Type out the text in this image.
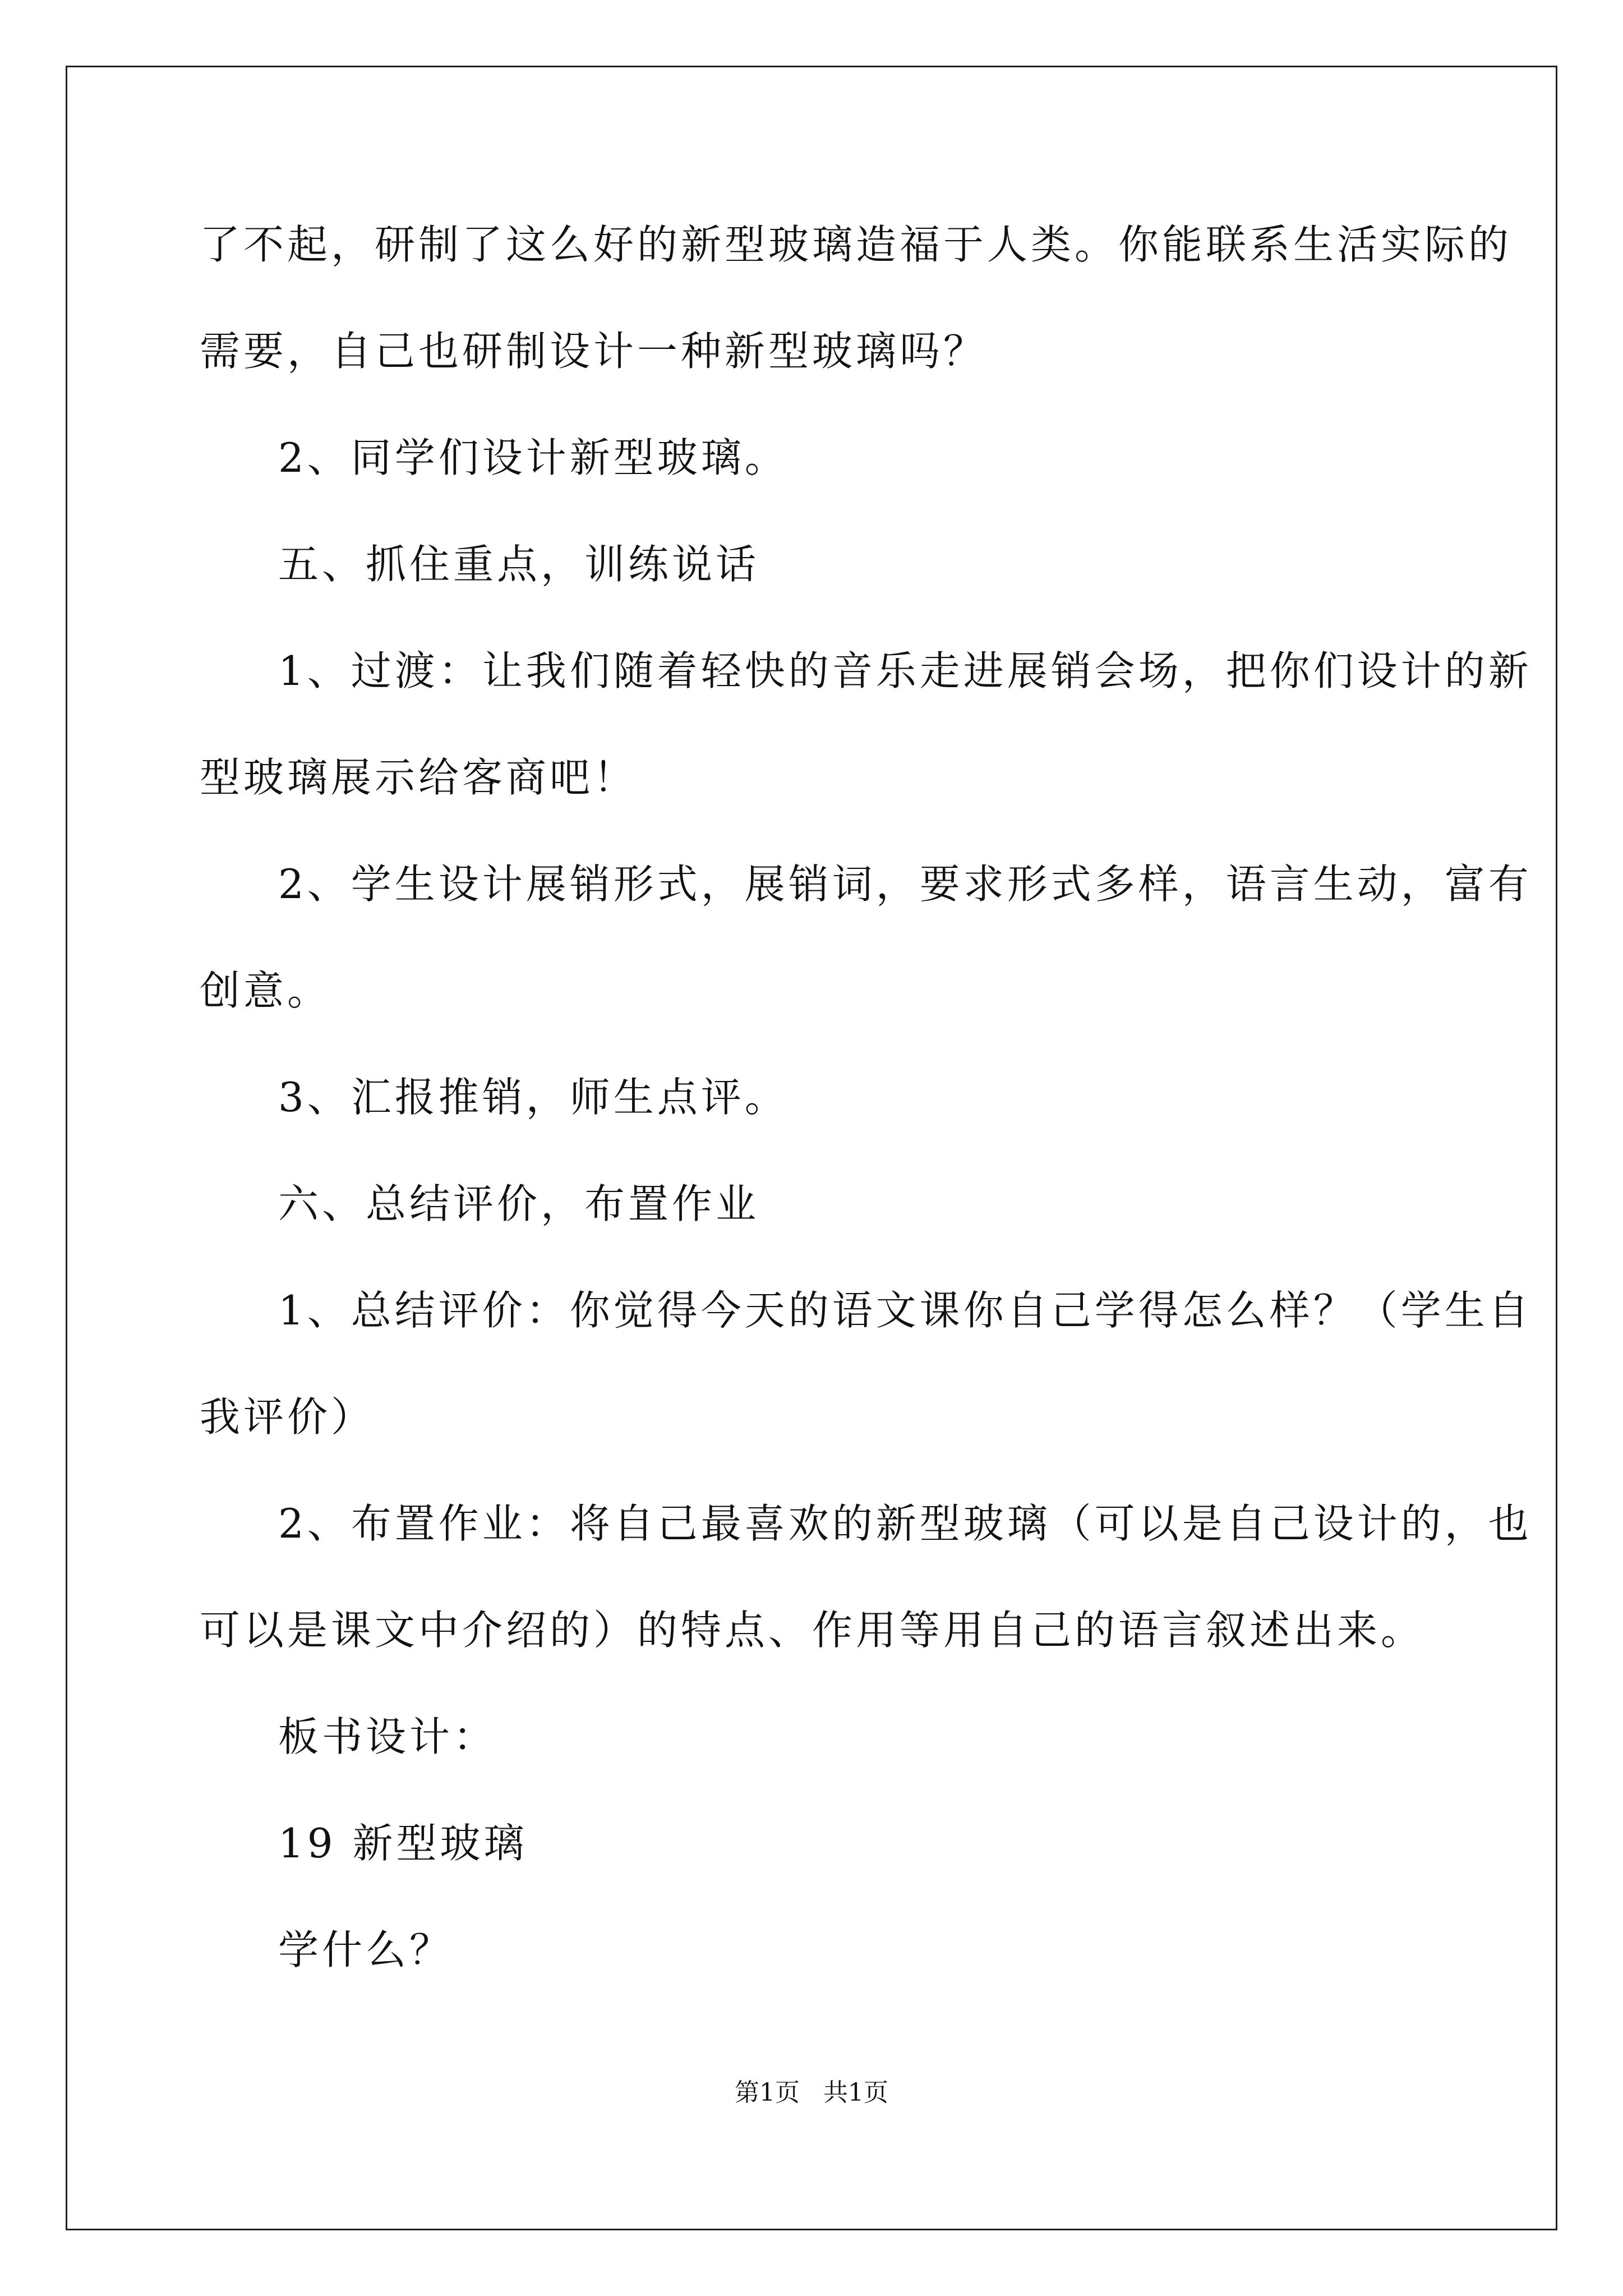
了不起，研制了这么好的新型玻璃造福于人类。你能联系生活实际的
需要，自己也研制设计一种新型玻璃吗？
2、同学们设计新型玻璃。
五、抓住重点，训练说话
1、过渡：让我们随着轻快的音乐走进展销会场，把你们设计的新
型玻璃展示给客商吧！
2、学生设计展销形式，展销词，要求形式多样，语言生动，富有
创意。
3、汇报推销，师生点评。
六、总结评价，布置作业
1、总结评价：你觉得今天的语文课你自己学得怎么样？（学生自
我评价）
2、布置作业：将自己最喜欢的新型玻璃（可以是自己设计的，也
可以是课文中介绍的）的特点、作用等用自己的语言叙述出来。
板书设计：
19 新型玻璃
学什么？
第1页   共1页
